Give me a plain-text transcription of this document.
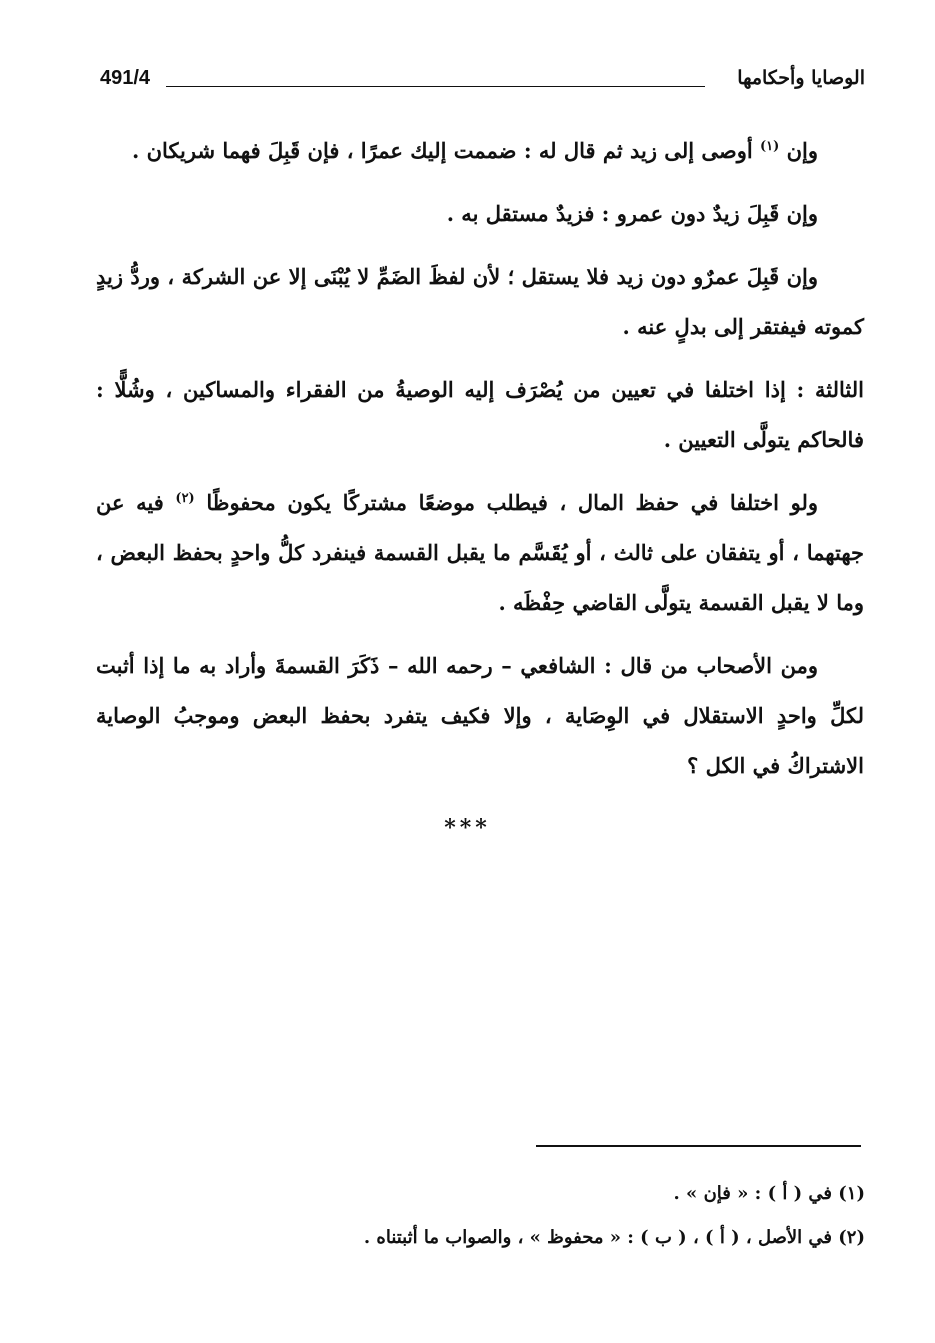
491/4	الوصايا وأحكامها

وإن $^{(١)}$ أوصى إلى زيد ثم قال له : ضممت إليك عمرًا ، فإن قَبِلَ فهما شريكان .

وإن قَبِلَ زيدٌ دون عمرو : فزيدٌ مستقل به .

وإن قَبِلَ عمرٌو دون زيد فلا يستقل ؛ لأن لفظَ الضَمِّ لا يُبْنَى إلا عن الشركة ، وردُّ زيدٍ كموته فيفتقر إلى بدلٍ عنه .

الثالثة : إذا اختلفا في تعيين من يُصْرَف إليه الوصيةُ من الفقراء والمساكين ، وشُلًّا : فالحاكم يتولَّى التعيين .

ولو اختلفا في حفظ المال ، فيطلب موضعًا مشتركًا يكون محفوظًا $^{(٢)}$ فيه عن جهتهما ، أو يتفقان على ثالث ، أو يُقَسَّم ما يقبل القسمة فينفرد كلُّ واحدٍ بحفظ البعض ، وما لا يقبل القسمة يتولَّى القاضي حِفْظَه .

ومن الأصحاب من قال : الشافعي – رحمه الله – ذَكَرَ القسمةَ وأراد به ما إذا أثبت لكلِّ واحدٍ الاستقلال في الوِصَاية ، وإلا فكيف يتفرد بحفظ البعض وموجبُ الوصاية الاشتراكُ في الكل ؟

***
(١) في ( أ ) : « فإن » .
(٢) في الأصل ، ( أ ) ، ( ب ) : « محفوظ » ، والصواب ما أثبتناه .
